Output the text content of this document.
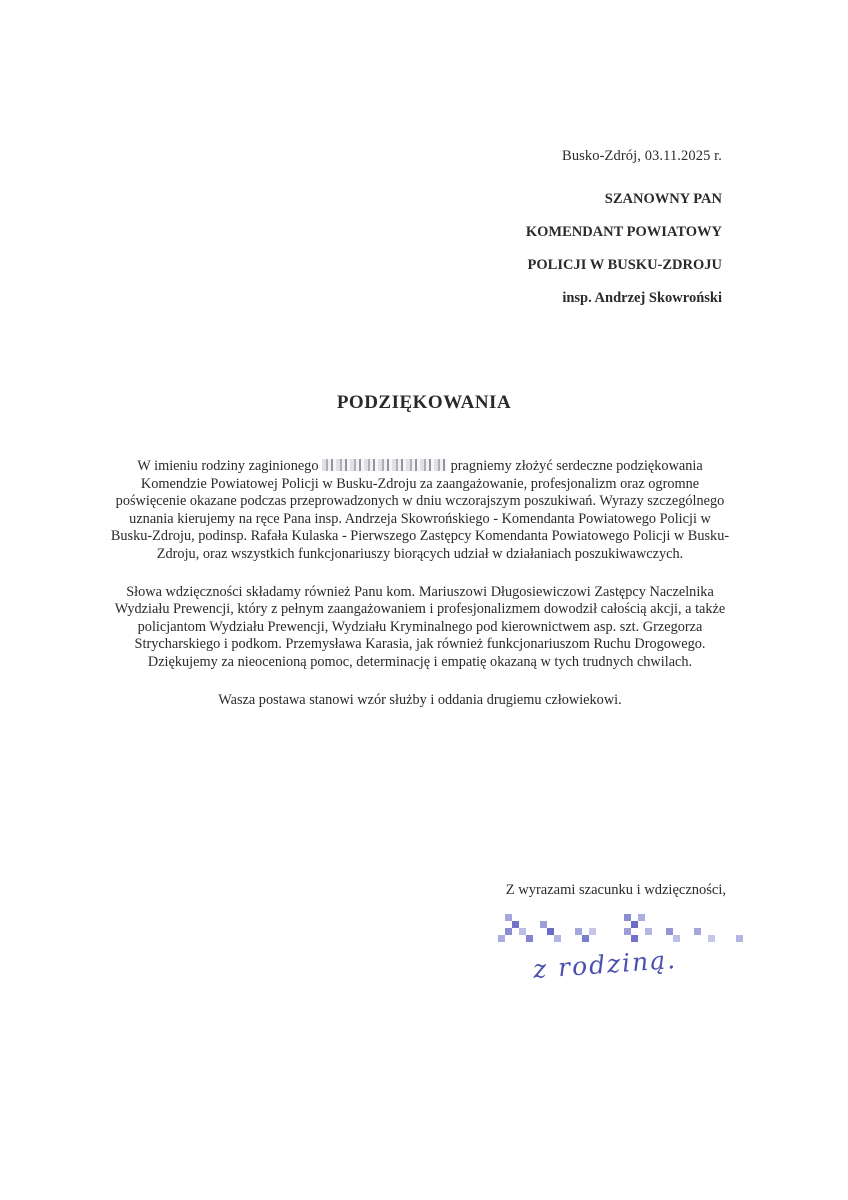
Busko-Zdrój, 03.11.2025 r.
SZANOWNY PAN
KOMENDANT POWIATOWY
POLICJI W BUSKU-ZDROJU
insp. Andrzej Skowroński
PODZIĘKOWANIA

W imieniu rodziny zaginionego	pragniemy złożyć serdeczne podziękowania Komendzie Powiatowej Policji w Busku-Zdroju za zaangażowanie, profesjonalizm oraz ogromne poświęcenie okazane podczas przeprowadzonych w dniu wczorajszym poszukiwań. Wyrazy szczególnego uznania kierujemy na ręce Pana insp. Andrzeja Skowrońskiego - Komendanta Powiatowego Policji w Busku-Zdroju, podinsp. Rafała Kulaska - Pierwszego Zastępcy Komendanta Powiatowego Policji w Busku-Zdroju, oraz wszystkich funkcjonariuszy biorących udział w działaniach poszukiwawczych.

Słowa wdzięczności składamy również Panu kom. Mariuszowi Długosiewiczowi Zastępcy Naczelnika Wydziału Prewencji, który z pełnym zaangażowaniem i profesjonalizmem dowodził całością akcji, a także policjantom Wydziału Prewencji, Wydziału Kryminalnego pod kierownictwem asp. szt. Grzegorza Strycharskiego i podkom. Przemysława Karasia, jak również funkcjonariuszom Ruchu Drogowego. Dziękujemy za nieocenioną pomoc, determinację i empatię okazaną w tych trudnych chwilach.

Wasza postawa stanowi wzór służby i oddania drugiemu człowiekowi.

Z wyrazami szacunku i wdzięczności,
z rodziną.
